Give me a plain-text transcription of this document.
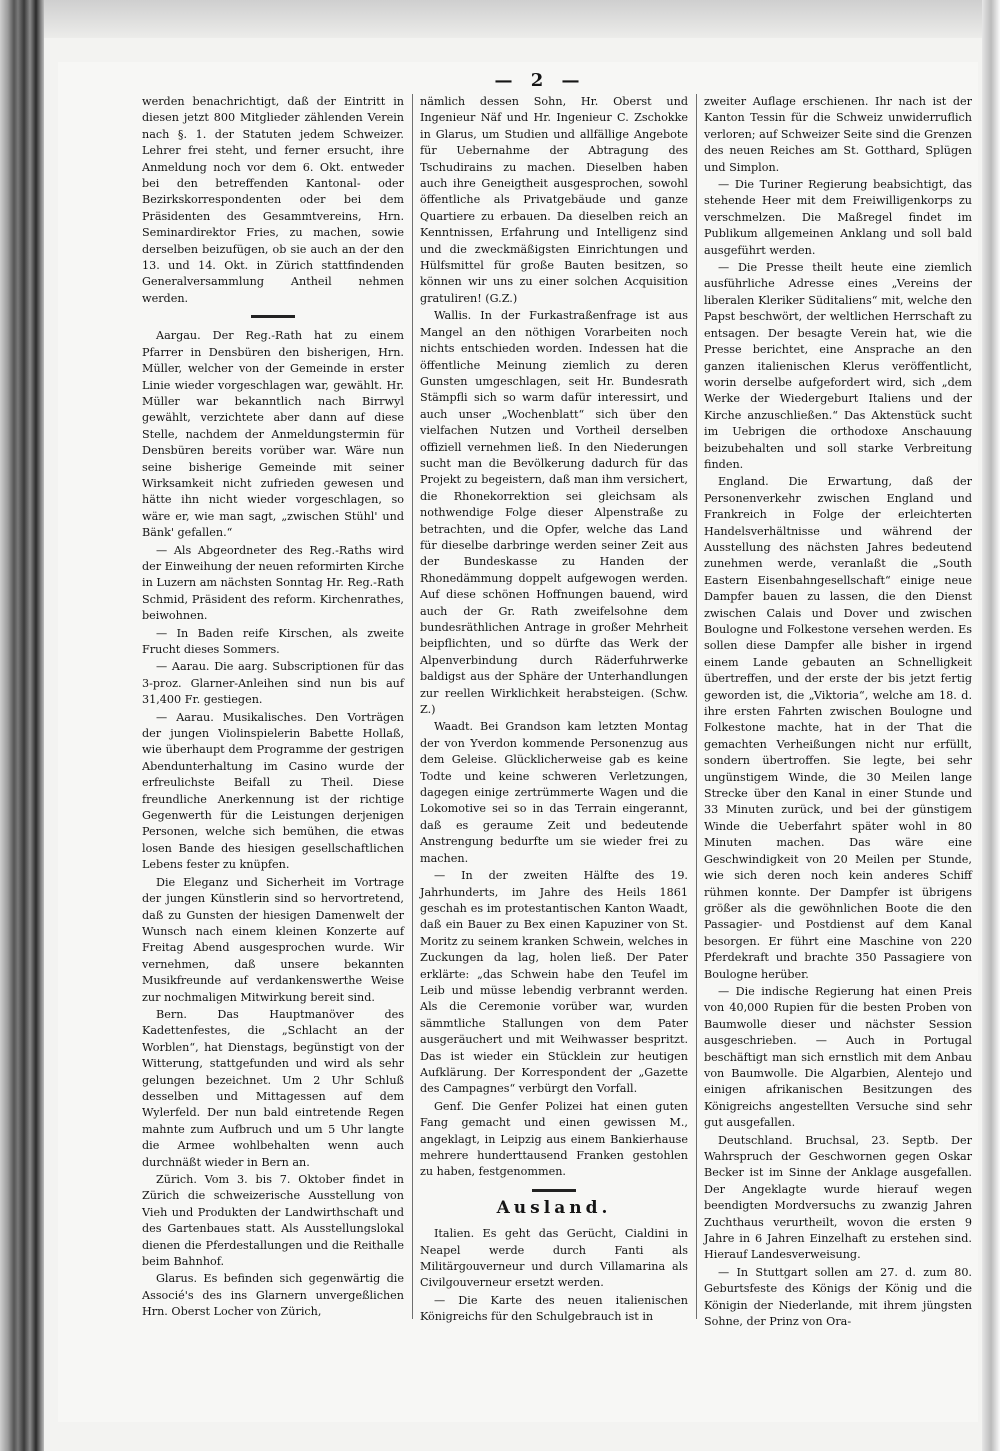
— 2 —

werden benachrichtigt, daß der Eintritt in diesen jetzt 800 Mitglieder zählenden Verein nach §. 1. der Statuten jedem Schweizer. Lehrer frei steht, und ferner ersucht, ihre Anmeldung noch vor dem 6. Okt. entweder bei den betreffenden Kantonal- oder Bezirkskorrespondenten oder bei dem Präsidenten des Gesammtvereins, Hrn. Seminardirektor Fries, zu machen, sowie derselben beizufügen, ob sie auch an der den 13. und 14. Okt. in Zürich stattfindenden Generalversammlung Antheil nehmen werden.

Aargau. Der Reg.-Rath hat zu einem Pfarrer in Densbüren den bisherigen, Hrn. Müller, welcher von der Gemeinde in erster Linie wieder vorgeschlagen war, gewählt. Hr. Müller war bekanntlich nach Birrwyl gewählt, verzichtete aber dann auf diese Stelle, nachdem der Anmeldungstermin für Densbüren bereits vorüber war. Wäre nun seine bisherige Gemeinde mit seiner Wirksamkeit nicht zufrieden gewesen und hätte ihn nicht wieder vorgeschlagen, so wäre er, wie man sagt, „zwischen Stühl' und Bänk' gefallen.“

— Als Abgeordneter des Reg.-Raths wird der Einweihung der neuen reformirten Kirche in Luzern am nächsten Sonntag Hr. Reg.-Rath Schmid, Präsident des reform. Kirchenrathes, beiwohnen.

— In Baden reife Kirschen, als zweite Frucht dieses Sommers.

— Aarau. Die aarg. Subscriptionen für das 3-proz. Glarner-Anleihen sind nun bis auf 31,400 Fr. gestiegen.

— Aarau. Musikalisches. Den Vorträgen der jungen Violinspielerin Babette Hollaß, wie überhaupt dem Programme der gestrigen Abendunterhaltung im Casino wurde der erfreulichste Beifall zu Theil. Diese freundliche Anerkennung ist der richtige Gegenwerth für die Leistungen derjenigen Personen, welche sich bemühen, die etwas losen Bande des hiesigen gesellschaftlichen Lebens fester zu knüpfen.

Die Eleganz und Sicherheit im Vortrage der jungen Künstlerin sind so hervortretend, daß zu Gunsten der hiesigen Damenwelt der Wunsch nach einem kleinen Konzerte auf Freitag Abend ausgesprochen wurde. Wir vernehmen, daß unsere bekannten Musikfreunde auf verdankenswerthe Weise zur nochmaligen Mitwirkung bereit sind.

Bern. Das Hauptmanöver des Kadettenfestes, die „Schlacht an der Worblen“, hat Dienstags, begünstigt von der Witterung, stattgefunden und wird als sehr gelungen bezeichnet. Um 2 Uhr Schluß desselben und Mittagessen auf dem Wylerfeld. Der nun bald eintretende Regen mahnte zum Aufbruch und um 5 Uhr langte die Armee wohlbehalten wenn auch durchnäßt wieder in Bern an.

Zürich. Vom 3. bis 7. Oktober findet in Zürich die schweizerische Ausstellung von Vieh und Produkten der Landwirthschaft und des Gartenbaues statt. Als Ausstellungslokal dienen die Pferdestallungen und die Reithalle beim Bahnhof.

Glarus. Es befinden sich gegenwärtig die Associé's des ins Glarnern unvergeßlichen Hrn. Oberst Locher von Zürich,

nämlich dessen Sohn, Hr. Oberst und Ingenieur Näf und Hr. Ingenieur C. Zschokke in Glarus, um Studien und allfällige Angebote für Uebernahme der Abtragung des Tschudirains zu machen. Dieselben haben auch ihre Geneigtheit ausgesprochen, sowohl öffentliche als Privatgebäude und ganze Quartiere zu erbauen. Da dieselben reich an Kenntnissen, Erfahrung und Intelligenz sind und die zweckmäßigsten Einrichtungen und Hülfsmittel für große Bauten besitzen, so können wir uns zu einer solchen Acquisition gratuliren! (G.Z.)

Wallis. In der Furkastraßenfrage ist aus Mangel an den nöthigen Vorarbeiten noch nichts entschieden worden. Indessen hat die öffentliche Meinung ziemlich zu deren Gunsten umgeschlagen, seit Hr. Bundesrath Stämpfli sich so warm dafür interessirt, und auch unser „Wochenblatt“ sich über den vielfachen Nutzen und Vortheil derselben offiziell vernehmen ließ. In den Niederungen sucht man die Bevölkerung dadurch für das Projekt zu begeistern, daß man ihm versichert, die Rhonekorrektion sei gleichsam als nothwendige Folge dieser Alpenstraße zu betrachten, und die Opfer, welche das Land für dieselbe darbringe werden seiner Zeit aus der Bundeskasse zu Handen der Rhonedämmung doppelt aufgewogen werden. Auf diese schönen Hoffnungen bauend, wird auch der Gr. Rath zweifelsohne dem bundesräthlichen Antrage in großer Mehrheit beipflichten, und so dürfte das Werk der Alpenverbindung durch Räderfuhrwerke baldigst aus der Sphäre der Unterhandlungen zur reellen Wirklichkeit herabsteigen. (Schw. Z.)

Waadt. Bei Grandson kam letzten Montag der von Yverdon kommende Personenzug aus dem Geleise. Glücklicherweise gab es keine Todte und keine schweren Verletzungen, dagegen einige zertrümmerte Wagen und die Lokomotive sei so in das Terrain eingerannt, daß es geraume Zeit und bedeutende Anstrengung bedurfte um sie wieder frei zu machen.

— In der zweiten Hälfte des 19. Jahrhunderts, im Jahre des Heils 1861 geschah es im protestantischen Kanton Waadt, daß ein Bauer zu Bex einen Kapuziner von St. Moritz zu seinem kranken Schwein, welches in Zuckungen da lag, holen ließ. Der Pater erklärte: „das Schwein habe den Teufel im Leib und müsse lebendig verbrannt werden. Als die Ceremonie vorüber war, wurden sämmtliche Stallungen von dem Pater ausgeräuchert und mit Weihwasser bespritzt. Das ist wieder ein Stücklein zur heutigen Aufklärung. Der Korrespondent der „Gazette des Campagnes“ verbürgt den Vorfall.

Genf. Die Genfer Polizei hat einen guten Fang gemacht und einen gewissen M., angeklagt, in Leipzig aus einem Bankierhause mehrere hunderttausend Franken gestohlen zu haben, festgenommen.

Ausland.

Italien. Es geht das Gerücht, Cialdini in Neapel werde durch Fanti als Militärgouverneur und durch Villamarina als Civilgouverneur ersetzt werden.

— Die Karte des neuen italienischen Königreichs für den Schulgebrauch ist in

zweiter Auflage erschienen. Ihr nach ist der Kanton Tessin für die Schweiz unwiderruflich verloren; auf Schweizer Seite sind die Grenzen des neuen Reiches am St. Gotthard, Splügen und Simplon.

— Die Turiner Regierung beabsichtigt, das stehende Heer mit dem Freiwilligenkorps zu verschmelzen. Die Maßregel findet im Publikum allgemeinen Anklang und soll bald ausgeführt werden.

— Die Presse theilt heute eine ziemlich ausführliche Adresse eines „Vereins der liberalen Kleriker Süditaliens“ mit, welche den Papst beschwört, der weltlichen Herrschaft zu entsagen. Der besagte Verein hat, wie die Presse berichtet, eine Ansprache an den ganzen italienischen Klerus veröffentlicht, worin derselbe aufgefordert wird, sich „dem Werke der Wiedergeburt Italiens und der Kirche anzuschließen.“ Das Aktenstück sucht im Uebrigen die orthodoxe Anschauung beizubehalten und soll starke Verbreitung finden.

England. Die Erwartung, daß der Personenverkehr zwischen England und Frankreich in Folge der erleichterten Handelsverhältnisse und während der Ausstellung des nächsten Jahres bedeutend zunehmen werde, veranlaßt die „South Eastern Eisenbahngesellschaft“ einige neue Dampfer bauen zu lassen, die den Dienst zwischen Calais und Dover und zwischen Boulogne und Folkestone versehen werden. Es sollen diese Dampfer alle bisher in irgend einem Lande gebauten an Schnelligkeit übertreffen, und der erste der bis jetzt fertig geworden ist, die „Viktoria“, welche am 18. d. ihre ersten Fahrten zwischen Boulogne und Folkestone machte, hat in der That die gemachten Verheißungen nicht nur erfüllt, sondern übertroffen. Sie legte, bei sehr ungünstigem Winde, die 30 Meilen lange Strecke über den Kanal in einer Stunde und 33 Minuten zurück, und bei der günstigem Winde die Ueberfahrt später wohl in 80 Minuten machen. Das wäre eine Geschwindigkeit von 20 Meilen per Stunde, wie sich deren noch kein anderes Schiff rühmen konnte. Der Dampfer ist übrigens größer als die gewöhnlichen Boote die den Passagier- und Postdienst auf dem Kanal besorgen. Er führt eine Maschine von 220 Pferdekraft und brachte 350 Passagiere von Boulogne herüber.

— Die indische Regierung hat einen Preis von 40,000 Rupien für die besten Proben von Baumwolle dieser und nächster Session ausgeschrieben. — Auch in Portugal beschäftigt man sich ernstlich mit dem Anbau von Baumwolle. Die Algarbien, Alentejo und einigen afrikanischen Besitzungen des Königreichs angestellten Versuche sind sehr gut ausgefallen.

Deutschland. Bruchsal, 23. Septb. Der Wahrspruch der Geschwornen gegen Oskar Becker ist im Sinne der Anklage ausgefallen. Der Angeklagte wurde hierauf wegen beendigten Mordversuchs zu zwanzig Jahren Zuchthaus verurtheilt, wovon die ersten 9 Jahre in 6 Jahren Einzelhaft zu erstehen sind. Hierauf Landesverweisung.

— In Stuttgart sollen am 27. d. zum 80. Geburtsfeste des Königs der König und die Königin der Niederlande, mit ihrem jüngsten Sohne, der Prinz von Ora-
